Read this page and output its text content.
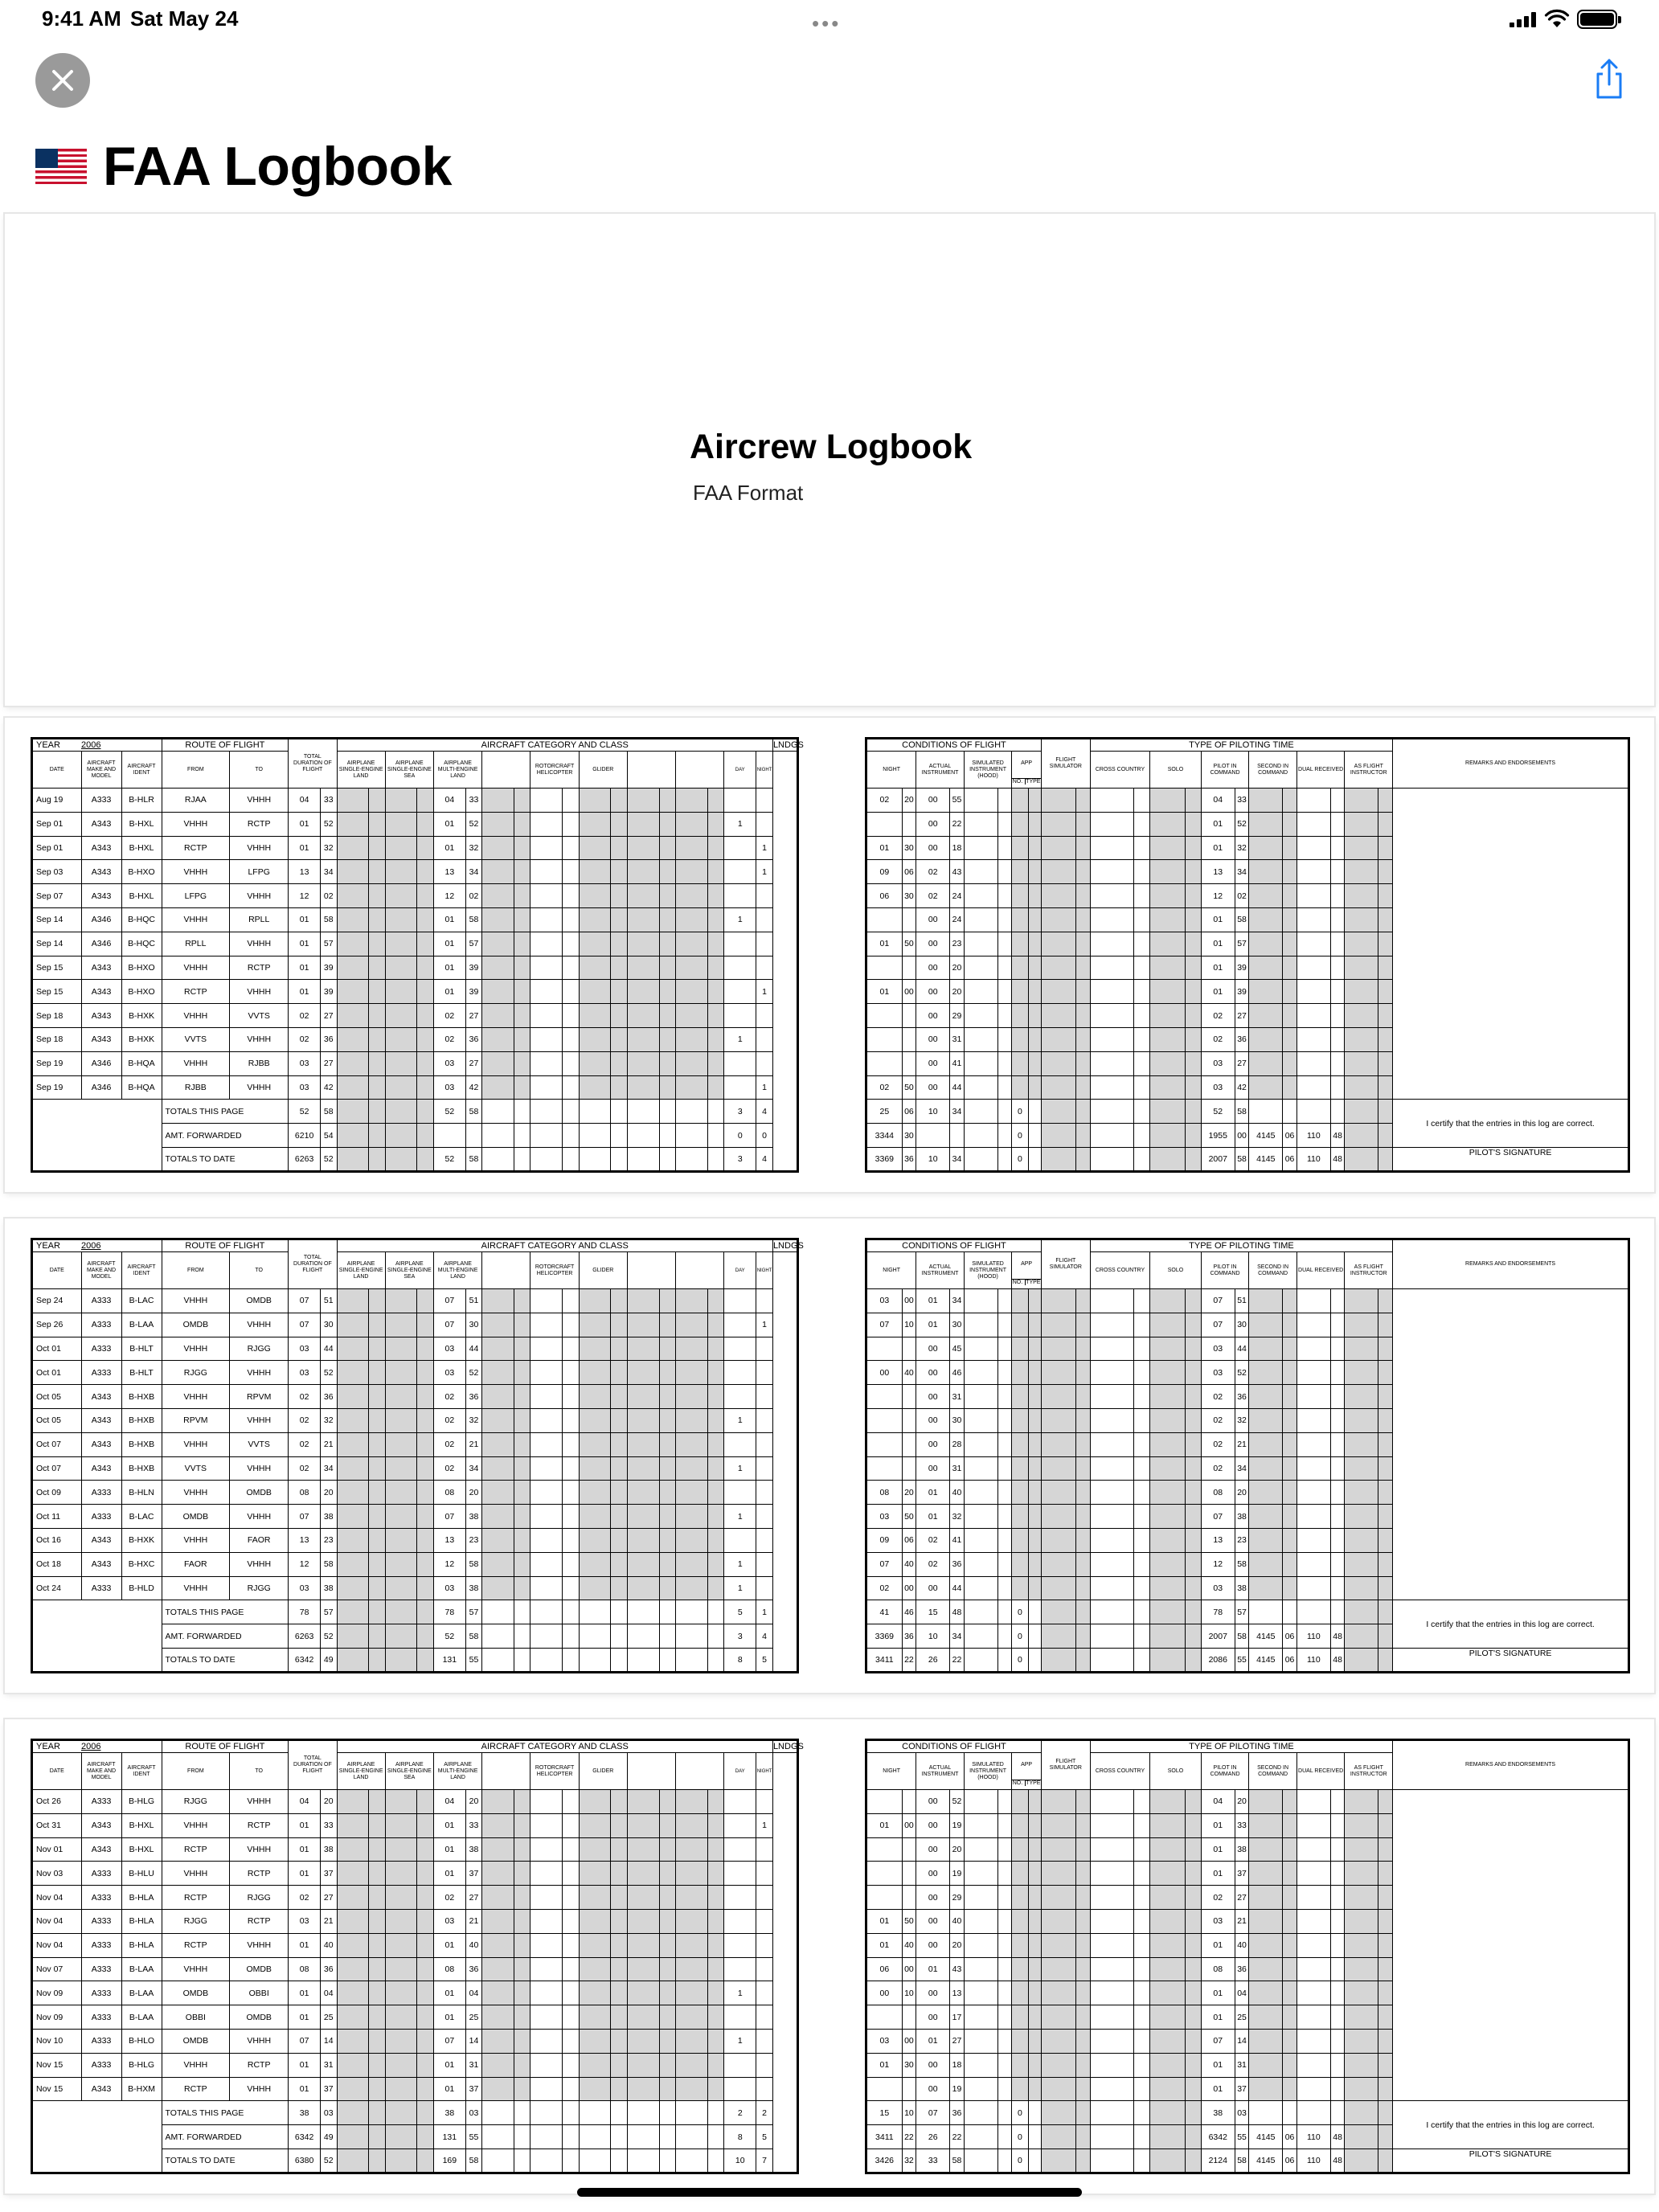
9:41 AM Sat May 24	•••
FAA Logbook
Aircrew Logbook
FAA Format
YEAR 2006			ROUTE OF FLIGHT		TOTAL DURATION OF FLIGHT		AIRCRAFT CATEGORY AND CLASS																		LNDGS
DATE	AIRCRAFT MAKE AND MODEL	AIRCRAFT IDENT	FROM	TO			AIRPLANE SINGLE-ENGINE LAND		AIRPLANE SINGLE-ENGINE SEA		AIRPLANE MULTI-ENGINE LAND				ROTORCRAFT HELICOPTER		GLIDER						DAY	NIGHT	
Aug 19	A333	B-HLR	RJAA	VHHH	04	33					04	33													
Sep 01	A343	B-HXL	VHHH	RCTP	01	52					01	52											1		
Sep 01	A343	B-HXL	RCTP	VHHH	01	32					01	32												1	
Sep 03	A343	B-HXO	VHHH	LFPG	13	34					13	34												1	
Sep 07	A343	B-HXL	LFPG	VHHH	12	02					12	02													
Sep 14	A346	B-HQC	VHHH	RPLL	01	58					01	58											1		
Sep 14	A346	B-HQC	RPLL	VHHH	01	57					01	57													
Sep 15	A343	B-HXO	VHHH	RCTP	01	39					01	39													
Sep 15	A343	B-HXO	RCTP	VHHH	01	39					01	39												1	
Sep 18	A343	B-HXK	VHHH	VVTS	02	27					02	27													
Sep 18	A343	B-HXK	VVTS	VHHH	02	36					02	36											1		
Sep 19	A346	B-HQA	VHHH	RJBB	03	27					03	27													
Sep 19	A346	B-HQA	RJBB	VHHH	03	42					03	42												1	
			TOTALS THIS PAGE		52	58					52	58											3	4	
			AMT. FORWARDED		6210	54																	0	0	
			TOTALS TO DATE		6263	52					52	58											3	4	
CONDITIONS OF FLIGHT								FLIGHT SIMULATOR		TYPE OF PILOTING TIME												REMARKS AND ENDORSEMENTS
NIGHT		ACTUAL INSTRUMENT		SIMULATED INSTRUMENT (HOOD)		APP
NO. TYPE				CROSS COUNTRY		SOLO		PILOT IN COMMAND		SECOND IN COMMAND		DUAL RECEIVED		AS FLIGHT INSTRUCTOR		
02	20	00	55											04	33							
		00	22											01	52							
01	30	00	18											01	32							
09	06	02	43											13	34							
06	30	02	24											12	02							
		00	24											01	58							
01	50	00	23											01	57							
		00	20											01	39							
01	00	00	20											01	39							
		00	29											02	27							
		00	31											02	36							
		00	41											03	27							
02	50	00	44											03	42							
25	06	10	34			0								52	58							I certify that the entries in this log are correct.
3344	30					0								1955	00	4145	06	110	48			
3369	36	10	34			0								2007	58	4145	06	110	48			PILOT'S SIGNATURE
YEAR 2006			ROUTE OF FLIGHT		TOTAL DURATION OF FLIGHT		AIRCRAFT CATEGORY AND CLASS																		LNDGS
DATE	AIRCRAFT MAKE AND MODEL	AIRCRAFT IDENT	FROM	TO			AIRPLANE SINGLE-ENGINE LAND		AIRPLANE SINGLE-ENGINE SEA		AIRPLANE MULTI-ENGINE LAND				ROTORCRAFT HELICOPTER		GLIDER						DAY	NIGHT	
Sep 24	A333	B-LAC	VHHH	OMDB	07	51					07	51													
Sep 26	A333	B-LAA	OMDB	VHHH	07	30					07	30												1	
Oct 01	A333	B-HLT	VHHH	RJGG	03	44					03	44													
Oct 01	A333	B-HLT	RJGG	VHHH	03	52					03	52													
Oct 05	A343	B-HXB	VHHH	RPVM	02	36					02	36													
Oct 05	A343	B-HXB	RPVM	VHHH	02	32					02	32											1		
Oct 07	A343	B-HXB	VHHH	VVTS	02	21					02	21													
Oct 07	A343	B-HXB	VVTS	VHHH	02	34					02	34											1		
Oct 09	A333	B-HLN	VHHH	OMDB	08	20					08	20													
Oct 11	A333	B-LAC	OMDB	VHHH	07	38					07	38											1		
Oct 16	A343	B-HXK	VHHH	FAOR	13	23					13	23													
Oct 18	A343	B-HXC	FAOR	VHHH	12	58					12	58											1		
Oct 24	A333	B-HLD	VHHH	RJGG	03	38					03	38											1		
			TOTALS THIS PAGE		78	57					78	57											5	1	
			AMT. FORWARDED		6263	52					52	58											3	4	
			TOTALS TO DATE		6342	49					131	55											8	5	
CONDITIONS OF FLIGHT								FLIGHT SIMULATOR		TYPE OF PILOTING TIME												REMARKS AND ENDORSEMENTS
NIGHT		ACTUAL INSTRUMENT		SIMULATED INSTRUMENT (HOOD)		APP
NO. TYPE				CROSS COUNTRY		SOLO		PILOT IN COMMAND		SECOND IN COMMAND		DUAL RECEIVED		AS FLIGHT INSTRUCTOR		
03	00	01	34											07	51							
07	10	01	30											07	30							
		00	45											03	44							
00	40	00	46											03	52							
		00	31											02	36							
		00	30											02	32							
		00	28											02	21							
		00	31											02	34							
08	20	01	40											08	20							
03	50	01	32											07	38							
09	06	02	41											13	23							
07	40	02	36											12	58							
02	00	00	44											03	38							
41	46	15	48			0								78	57							I certify that the entries in this log are correct.
3369	36	10	34			0								2007	58	4145	06	110	48			
3411	22	26	22			0								2086	55	4145	06	110	48			PILOT'S SIGNATURE
YEAR 2006			ROUTE OF FLIGHT		TOTAL DURATION OF FLIGHT		AIRCRAFT CATEGORY AND CLASS																		LNDGS
DATE	AIRCRAFT MAKE AND MODEL	AIRCRAFT IDENT	FROM	TO			AIRPLANE SINGLE-ENGINE LAND		AIRPLANE SINGLE-ENGINE SEA		AIRPLANE MULTI-ENGINE LAND				ROTORCRAFT HELICOPTER		GLIDER						DAY	NIGHT	
Oct 26	A333	B-HLG	RJGG	VHHH	04	20					04	20													
Oct 31	A343	B-HXL	VHHH	RCTP	01	33					01	33												1	
Nov 01	A343	B-HXL	RCTP	VHHH	01	38					01	38													
Nov 03	A333	B-HLU	VHHH	RCTP	01	37					01	37													
Nov 04	A333	B-HLA	RCTP	RJGG	02	27					02	27													
Nov 04	A333	B-HLA	RJGG	RCTP	03	21					03	21													
Nov 04	A333	B-HLA	RCTP	VHHH	01	40					01	40													
Nov 07	A333	B-LAA	VHHH	OMDB	08	36					08	36													
Nov 09	A333	B-LAA	OMDB	OBBI	01	04					01	04											1		
Nov 09	A333	B-LAA	OBBI	OMDB	01	25					01	25													
Nov 10	A333	B-HLO	OMDB	VHHH	07	14					07	14											1		
Nov 15	A333	B-HLG	VHHH	RCTP	01	31					01	31													
Nov 15	A343	B-HXM	RCTP	VHHH	01	37					01	37													
			TOTALS THIS PAGE		38	03					38	03											2	2	
			AMT. FORWARDED		6342	49					131	55											8	5	
			TOTALS TO DATE		6380	52					169	58											10	7	
CONDITIONS OF FLIGHT								FLIGHT SIMULATOR		TYPE OF PILOTING TIME												REMARKS AND ENDORSEMENTS
NIGHT		ACTUAL INSTRUMENT		SIMULATED INSTRUMENT (HOOD)		APP
NO. TYPE				CROSS COUNTRY		SOLO		PILOT IN COMMAND		SECOND IN COMMAND		DUAL RECEIVED		AS FLIGHT INSTRUCTOR		
		00	52											04	20							
01	00	00	19											01	33							
		00	20											01	38							
		00	19											01	37							
		00	29											02	27							
01	50	00	40											03	21							
01	40	00	20											01	40							
06	00	01	43											08	36							
00	10	00	13											01	04							
		00	17											01	25							
03	00	01	27											07	14							
01	30	00	18											01	31							
		00	19											01	37							
15	10	07	36			0								38	03							I certify that the entries in this log are correct.
3411	22	26	22			0								6342	55	4145	06	110	48			
3426	32	33	58			0								2124	58	4145	06	110	48			PILOT'S SIGNATURE
